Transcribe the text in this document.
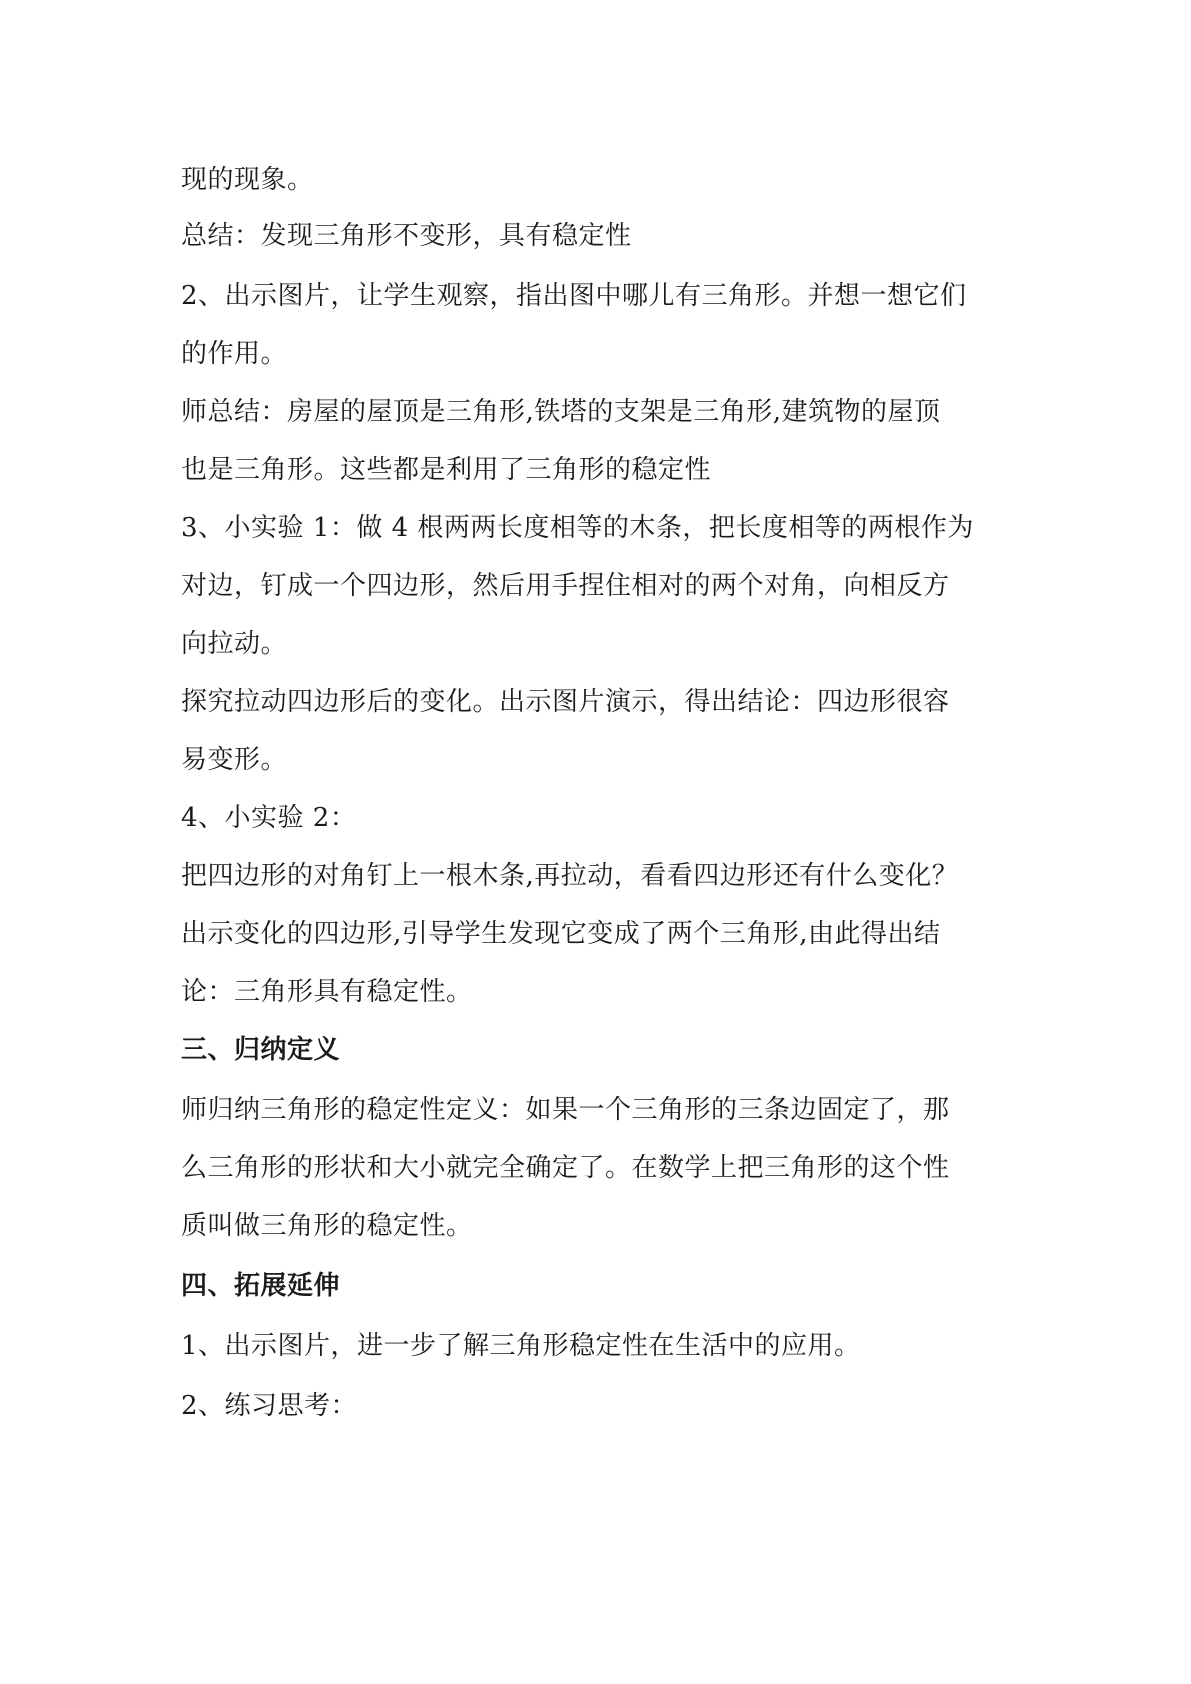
现的现象。
总结：发现三角形不变形，具有稳定性
2、出示图片，让学生观察，指出图中哪儿有三角形。并想一想它们
的作用。
师总结：房屋的屋顶是三角形,铁塔的支架是三角形,建筑物的屋顶
也是三角形。这些都是利用了三角形的稳定性
3、小实验 1：做 4 根两两长度相等的木条，把长度相等的两根作为
对边，钉成一个四边形，然后用手捏住相对的两个对角，向相反方
向拉动。
探究拉动四边形后的变化。出示图片演示，得出结论：四边形很容
易变形。
4、小实验 2：
把四边形的对角钉上一根木条,再拉动，看看四边形还有什么变化？
出示变化的四边形,引导学生发现它变成了两个三角形,由此得出结
论：三角形具有稳定性。
三、归纳定义
师归纳三角形的稳定性定义：如果一个三角形的三条边固定了，那
么三角形的形状和大小就完全确定了。在数学上把三角形的这个性
质叫做三角形的稳定性。
四、拓展延伸
1、出示图片，进一步了解三角形稳定性在生活中的应用。
2、练习思考：
